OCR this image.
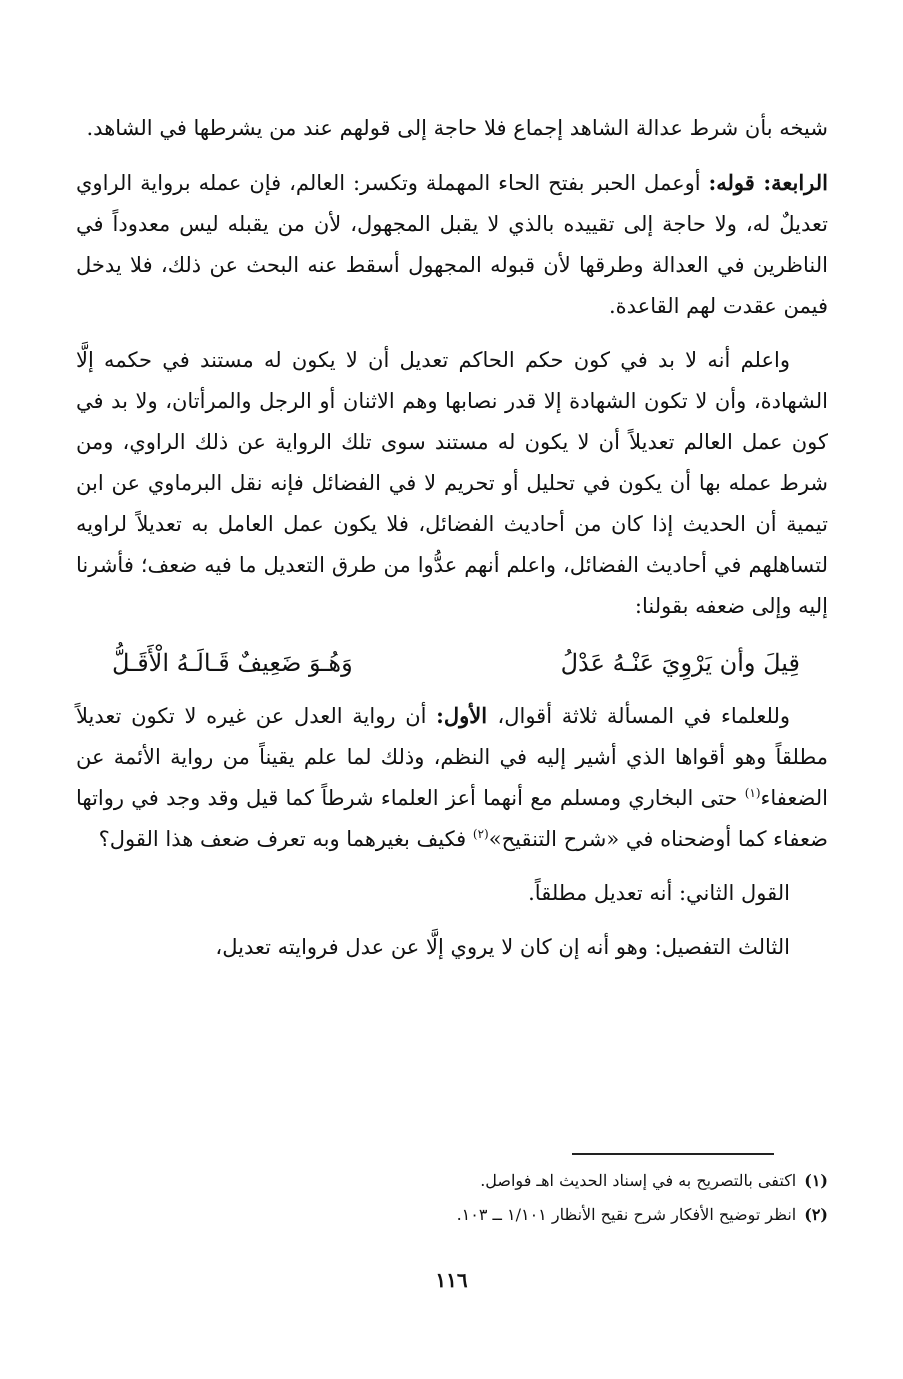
شيخه بأن شرط عدالة الشاهد إجماع فلا حاجة إلى قولهم عند من يشرطها في الشاهد.

الرابعة: قوله: أوعمل الحبر بفتح الحاء المهملة وتكسر: العالم، فإن عمله برواية الراوي تعديلٌ له، ولا حاجة إلى تقييده بالذي لا يقبل المجهول، لأن من يقبله ليس معدوداً في الناظرين في العدالة وطرقها لأن قبوله المجهول أسقط عنه البحث عن ذلك، فلا يدخل فيمن عقدت لهم القاعدة.

واعلم أنه لا بد في كون حكم الحاكم تعديل أن لا يكون له مستند في حكمه إلَّا الشهادة، وأن لا تكون الشهادة إلا قدر نصابها وهم الاثنان أو الرجل والمرأتان، ولا بد في كون عمل العالم تعديلاً أن لا يكون له مستند سوى تلك الرواية عن ذلك الراوي، ومن شرط عمله بها أن يكون في تحليل أو تحريم لا في الفضائل فإنه نقل البرماوي عن ابن تيمية أن الحديث إذا كان من أحاديث الفضائل، فلا يكون عمل العامل به تعديلاً لراويه لتساهلهم في أحاديث الفضائل، واعلم أنهم عدُّوا من طرق التعديل ما فيه ضعف؛ فأشرنا إليه وإلى ضعفه بقولنا:

قِيلَ وأن يَرْوِيَ عَنْـهُ عَدْلُ
وَهُـوَ ضَعِيفٌ قَـالَـهُ الْأَقَـلُّ

وللعلماء في المسألة ثلاثة أقوال، الأول: أن رواية العدل عن غيره لا تكون تعديلاً مطلقاً وهو أقواها الذي أشير إليه في النظم، وذلك لما علم يقيناً من رواية الأئمة عن الضعفاء$^{(١)}$ حتى البخاري ومسلم مع أنهما أعز العلماء شرطاً كما قيل وقد وجد في رواتها ضعفاء كما أوضحناه في «شرح التنقيح»$^{(٢)}$ فكيف بغيرهما وبه تعرف ضعف هذا القول؟

القول الثاني: أنه تعديل مطلقاً.

الثالث التفصيل: وهو أنه إن كان لا يروي إلَّا عن عدل فروايته تعديل،

(١)اكتفى بالتصريح به في إسناد الحديث اهـ فواصل.
(٢)انظر توضيح الأفكار شرح نقيح الأنظار ١/١٠١ ــ ١٠٣.
١١٦
